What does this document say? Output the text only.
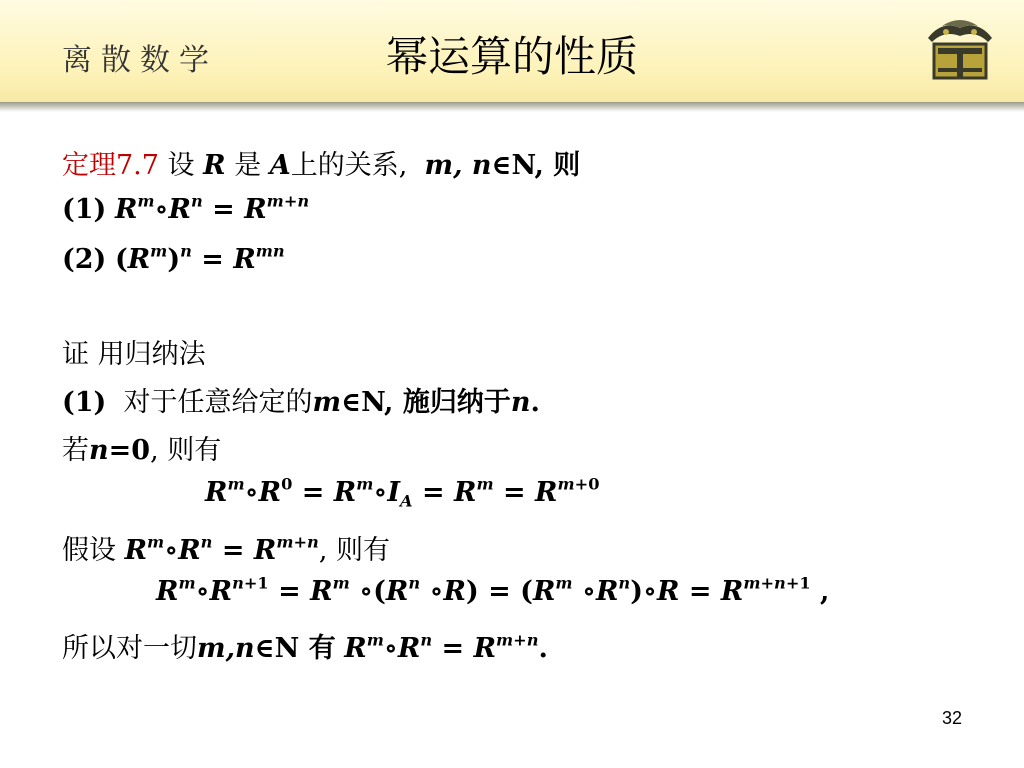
离散数学	幂运算的性质
定理7.7 设 R 是 A上的关系, m, n∈N, 则
(1) $R^m\circ R^n = R^{m+n}$
(2) $(R^m)^n = R^{mn}$
证 用归纳法
(1) 对于任意给定的m∈N, 施归纳于n.
若n=0, 则有
$R^m\circ R^0$ = $R^m\circ I_A = R^m = R^{m+0}$
假设 $R^m\circ R^n = R^{m+n}$, 则有
$R^m\circ R^{n+1} = R^m$ $\circ(R^n$ ∘R) = ($R^m$ $\circ R^n)\circ R = R^{m+n+1}$ ,
所以对一切m,n∈N 有 $R^m\circ R^n = R^{m+n}$.
32
